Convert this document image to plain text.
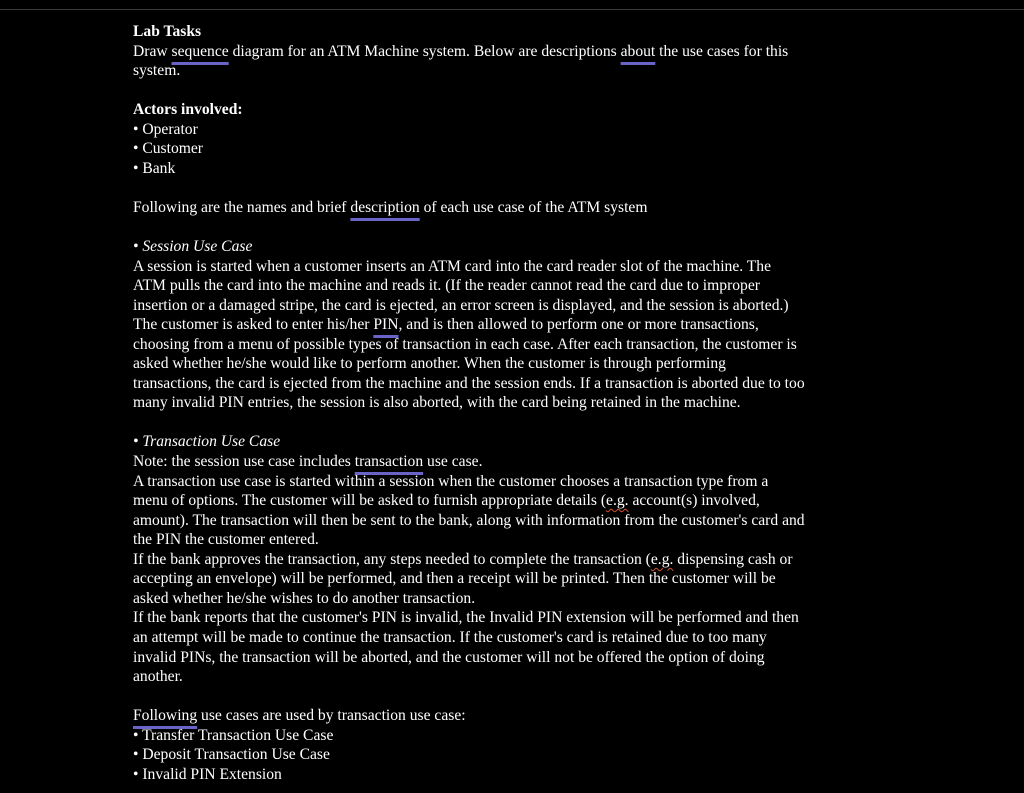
Lab Tasks
Draw sequence diagram for an ATM Machine system. Below are descriptions about the use cases for this
system.
Actors involved:
• Operator
• Customer
• Bank
Following are the names and brief description of each use case of the ATM system
• Session Use Case
A session is started when a customer inserts an ATM card into the card reader slot of the machine. The
ATM pulls the card into the machine and reads it. (If the reader cannot read the card due to improper
insertion or a damaged stripe, the card is ejected, an error screen is displayed, and the session is aborted.)
The customer is asked to enter his/her PIN, and is then allowed to perform one or more transactions,
choosing from a menu of possible types of transaction in each case. After each transaction, the customer is
asked whether he/she would like to perform another. When the customer is through performing
transactions, the card is ejected from the machine and the session ends. If a transaction is aborted due to too
many invalid PIN entries, the session is also aborted, with the card being retained in the machine.
• Transaction Use Case
Note: the session use case includes transaction use case.
A transaction use case is started within a session when the customer chooses a transaction type from a
menu of options. The customer will be asked to furnish appropriate details (e.g. account(s) involved,
amount). The transaction will then be sent to the bank, along with information from the customer's card and
the PIN the customer entered.
If the bank approves the transaction, any steps needed to complete the transaction (e.g. dispensing cash or
accepting an envelope) will be performed, and then a receipt will be printed. Then the customer will be
asked whether he/she wishes to do another transaction.
If the bank reports that the customer's PIN is invalid, the Invalid PIN extension will be performed and then
an attempt will be made to continue the transaction. If the customer's card is retained due to too many
invalid PINs, the transaction will be aborted, and the customer will not be offered the option of doing
another.
Following use cases are used by transaction use case:
• Transfer Transaction Use Case
• Deposit Transaction Use Case
• Invalid PIN Extension
